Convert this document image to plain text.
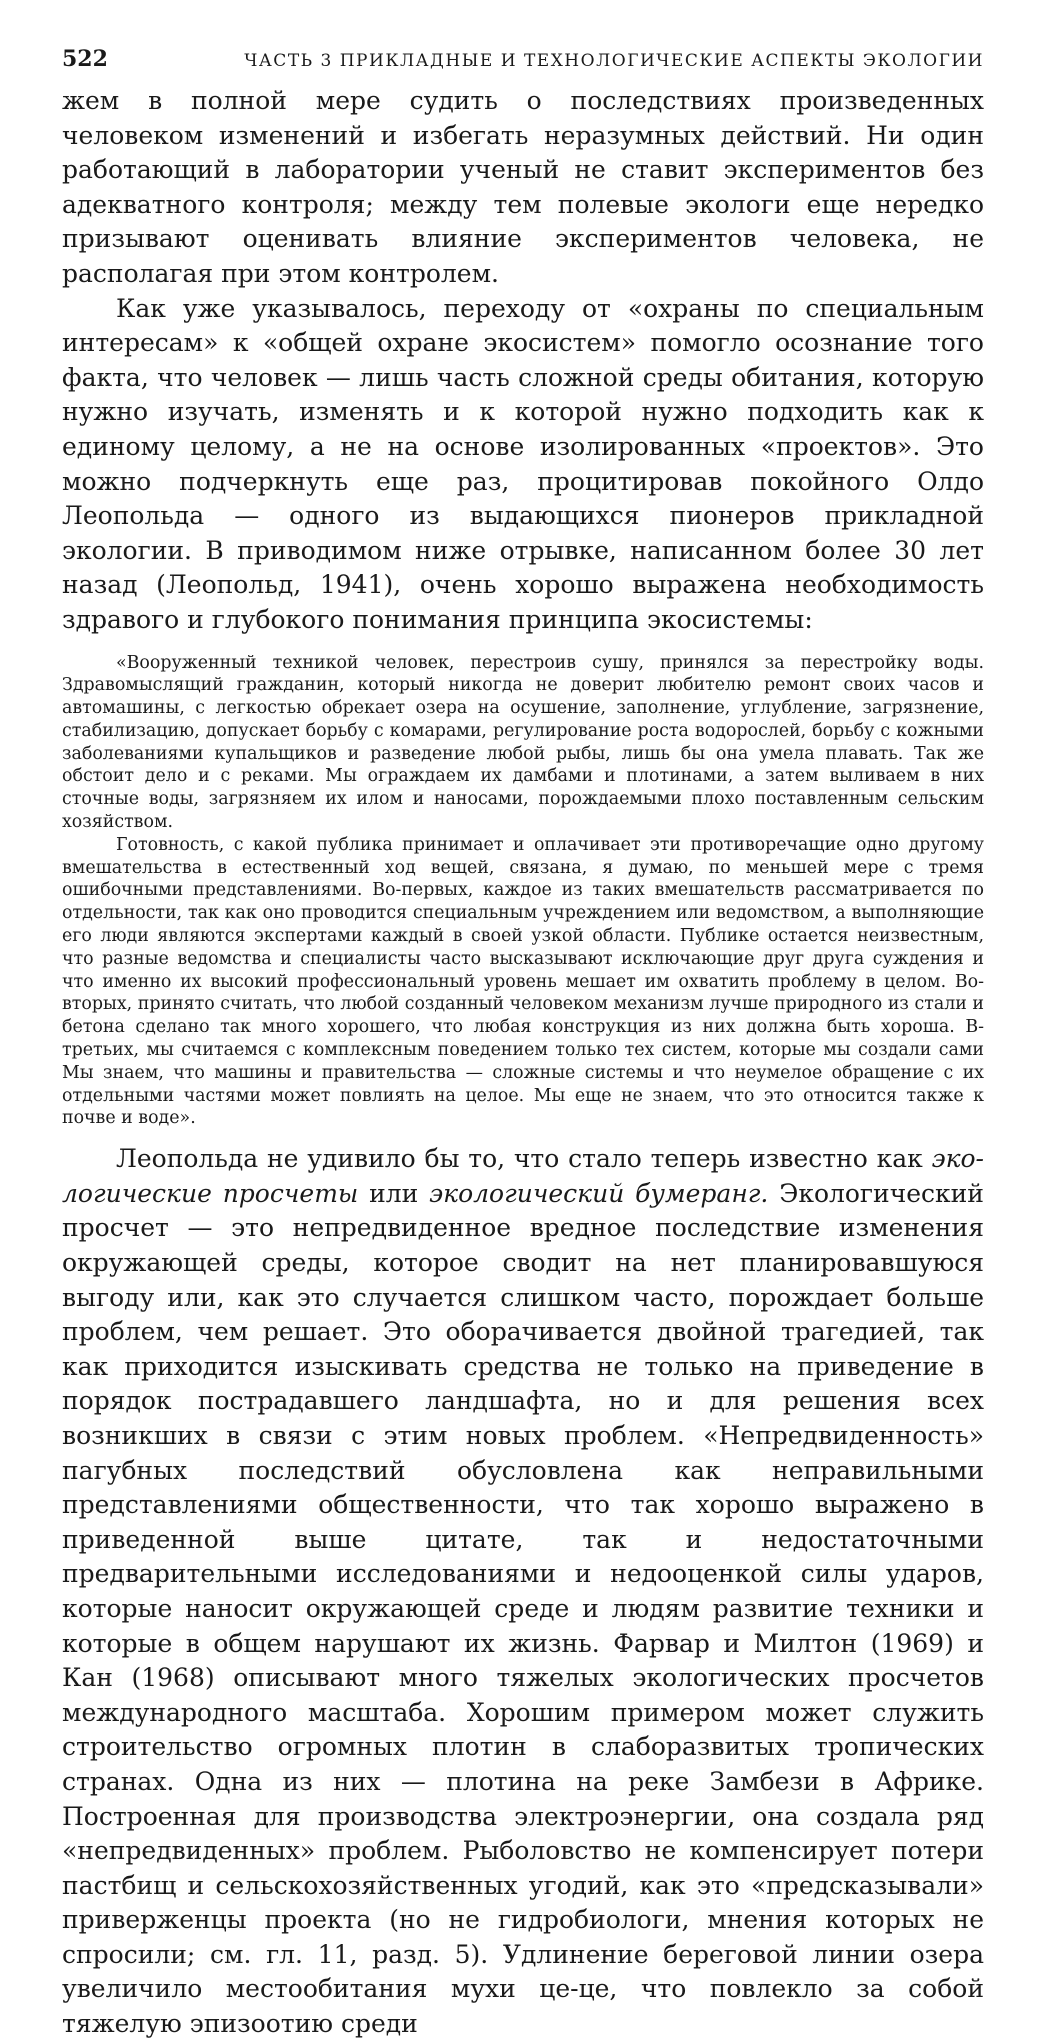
522	ЧАСТЬ 3 ПРИКЛАДНЫЕ И ТЕХНОЛОГИЧЕСКИЕ АСПЕКТЫ ЭКОЛОГИИ

жем в полной мере судить о последствиях произведенных человеком изменений и избегать неразумных действий. Ни один работающий в лаборатории ученый не ставит экспериментов без адекватного контроля; между тем полевые экологи еще нередко призывают оценивать влияние экспериментов человека, не располагая при этом контролем.

Как уже указывалось, переходу от «охраны по специальным интересам» к «общей охране экосистем» помогло осознание того факта, что человек — лишь часть сложной среды обитания, которую нужно изучать, изменять и к которой нужно подходить как к единому целому, а не на основе изолированных «проектов». Это можно подчеркнуть еще раз, процитировав покойного Олдо Леопольда — одного из выдающихся пионеров прикладной экологии. В приводимом ниже отрывке, написанном более 30 лет назад (Леопольд, 1941), очень хорошо выражена необходимость здравого и глубокого понимания принципа экосистемы:

«Вооруженный техникой человек, перестроив сушу, принялся за перестройку воды. Здравомыслящий гражданин, который никогда не доверит любителю ремонт своих часов и автомашины, с легкостью обрекает озера на осушение, заполнение, углубление, загрязнение, стабилизацию, допускает борьбу с комарами, регулирование роста водорослей, борьбу с кожными заболеваниями купальщиков и разведение любой рыбы, лишь бы она умела плавать. Так же обстоит дело и с реками. Мы ограждаем их дамбами и плотинами, а затем выливаем в них сточные воды, загрязняем их илом и наносами, порождаемыми плохо поставленным сельским хозяйством.

Готовность, с какой публика принимает и оплачивает эти противоречащие одно другому вмешательства в естественный ход вещей, связана, я думаю, по меньшей мере с тремя ошибочными представлениями. Во-первых, каждое из таких вмешательств рассматривается по отдельности, так как оно проводится специальным учреждением или ведомством, а выполняющие его люди являются экспертами каждый в своей узкой области. Публике остается неизвестным, что разные ведомства и специалисты часто высказывают исключающие друг друга суждения и что именно их высокий профессиональный уровень мешает им охватить проблему в целом. Во-вторых, принято считать, что любой созданный человеком механизм лучше природного из стали и бетона сделано так много хорошего, что любая конструкция из них должна быть хороша. В-третьих, мы считаемся с комплексным поведением только тех систем, которые мы создали сами Мы знаем, что машины и правительства — сложные системы и что неумелое обращение с их отдельными частями может повлиять на целое. Мы еще не знаем, что это относится также к почве и воде».

Леопольда не удивило бы то, что стало теперь известно как экологические просчеты или экологический бумеранг. Экологический просчет — это непредвиденное вредное последствие изменения окружающей среды, которое сводит на нет планировавшуюся выгоду или, как это случается слишком часто, порождает больше проблем, чем решает. Это оборачивается двойной трагедией, так как приходится изыскивать средства не только на приведение в порядок пострадавшего ландшафта, но и для решения всех возникших в связи с этим новых проблем. «Непредвиденность» пагубных последствий обусловлена как неправильными представлениями общественности, что так хорошо выражено в приведенной выше цитате, так и недостаточными предварительными исследованиями и недооценкой силы ударов, которые наносит окружающей среде и людям развитие техники и которые в общем нарушают их жизнь. Фарвар и Милтон (1969) и Кан (1968) описывают много тяжелых экологических просчетов международного масштаба. Хорошим примером может служить строительство огромных плотин в слаборазвитых тропических странах. Одна из них — плотина на реке Замбези в Африке. Построенная для производства электроэнергии, она создала ряд «непредвиденных» проблем. Рыболовство не компенсирует потери пастбищ и сельскохозяйственных угодий, как это «предсказывали» приверженцы проекта (но не гидробиологи, мнения которых не спросили; см. гл. 11, разд. 5). Удлинение береговой линии озера увеличило местообитания мухи це-це, что повлекло за собой тяжелую эпизоотию среди
